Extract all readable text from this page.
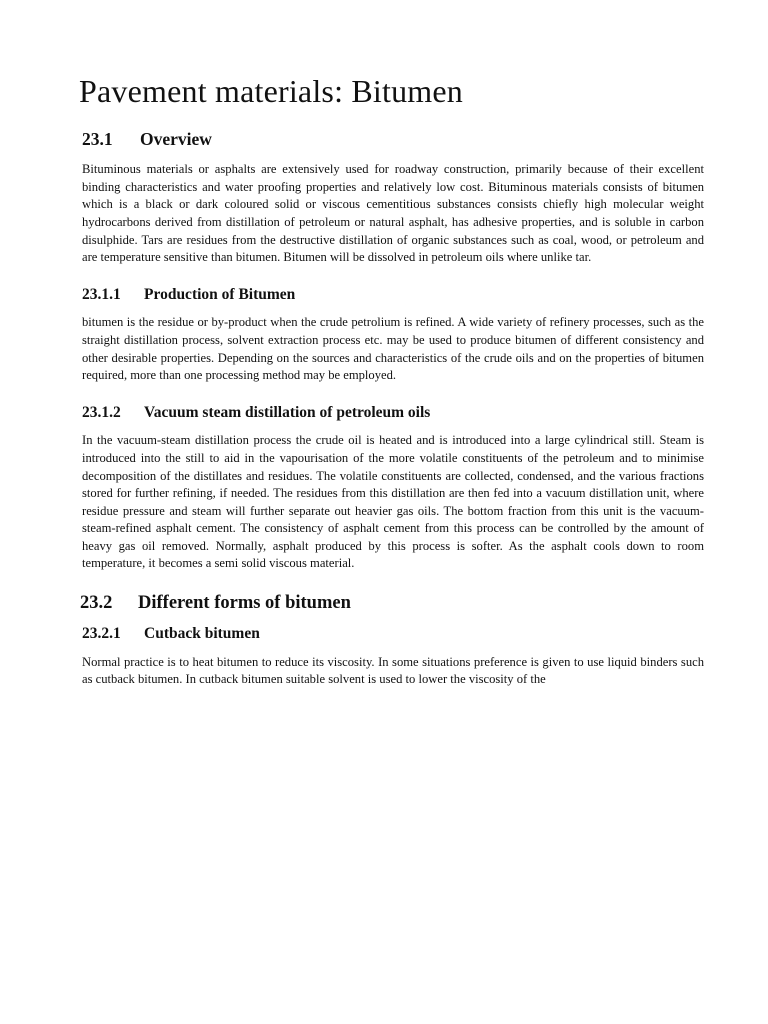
Pavement materials: Bitumen
23.1 Overview

Bituminous materials or asphalts are extensively used for roadway construction, primarily because of their excellent binding characteristics and water proofing properties and relatively low cost. Bituminous materials consists of bitumen which is a black or dark coloured solid or viscous cementitious substances consists chiefly high molecular weight hydrocarbons derived from distillation of petroleum or natural asphalt, has adhesive properties, and is soluble in carbon disulphide. Tars are residues from the destructive distillation of organic substances such as coal, wood, or petroleum and are temperature sensitive than bitumen. Bitumen will be dissolved in petroleum oils where unlike tar.

23.1.1 Production of Bitumen

bitumen is the residue or by-product when the crude petrolium is refined. A wide variety of refinery processes, such as the straight distillation process, solvent extraction process etc. may be used to produce bitumen of different consistency and other desirable properties. Depending on the sources and characteristics of the crude oils and on the properties of bitumen required, more than one processing method may be employed.

23.1.2 Vacuum steam distillation of petroleum oils

In the vacuum-steam distillation process the crude oil is heated and is introduced into a large cylindrical still. Steam is introduced into the still to aid in the vapourisation of the more volatile constituents of the petroleum and to minimise decomposition of the distillates and residues. The volatile constituents are collected, condensed, and the various fractions stored for further refining, if needed. The residues from this distillation are then fed into a vacuum distillation unit, where residue pressure and steam will further separate out heavier gas oils. The bottom fraction from this unit is the vacuum-steam-refined asphalt cement. The consistency of asphalt cement from this process can be controlled by the amount of heavy gas oil removed. Normally, asphalt produced by this process is softer. As the asphalt cools down to room temperature, it becomes a semi solid viscous material.

23.2 Different forms of bitumen
23.2.1 Cutback bitumen

Normal practice is to heat bitumen to reduce its viscosity. In some situations preference is given to use liquid binders such as cutback bitumen. In cutback bitumen suitable solvent is used to lower the viscosity of the
